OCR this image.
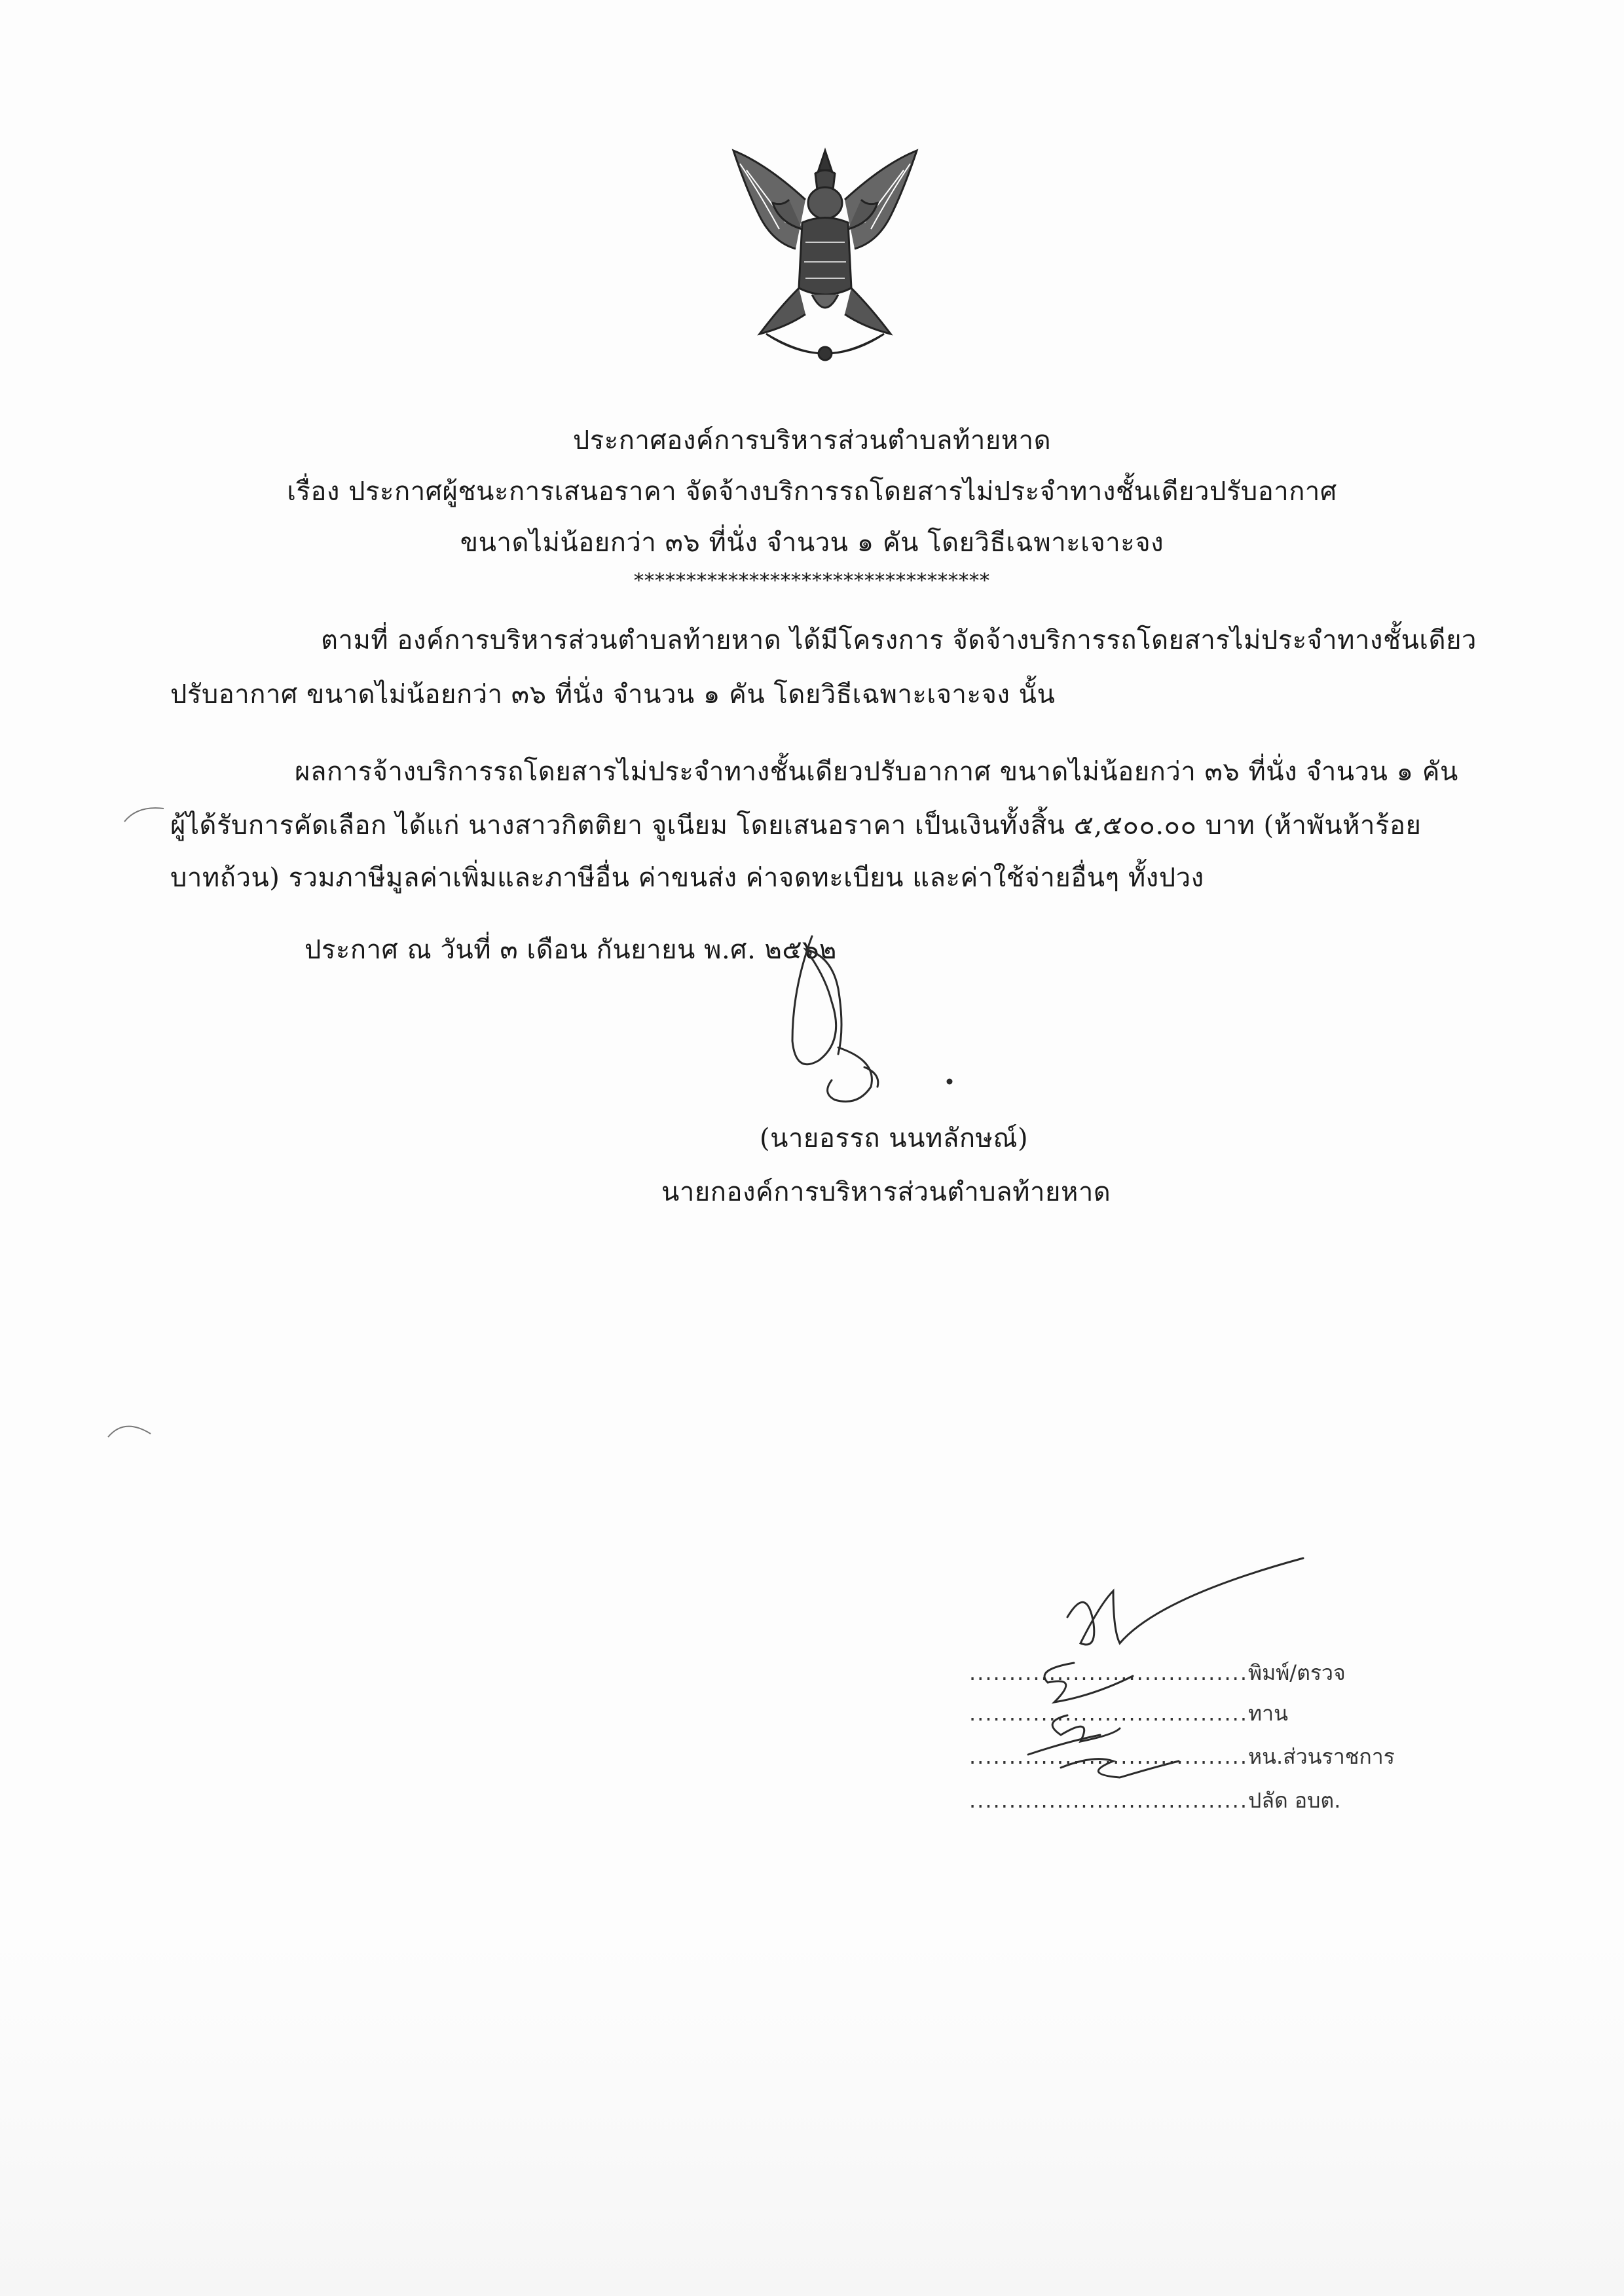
ประกาศองค์การบริหารส่วนตำบลท้ายหาด
เรื่อง ประกาศผู้ชนะการเสนอราคา จัดจ้างบริการรถโดยสารไม่ประจำทางชั้นเดียวปรับอากาศ
ขนาดไม่น้อยกว่า ๓๖ ที่นั่ง จำนวน ๑ คัน โดยวิธีเฉพาะเจาะจง
**********************************
ตามที่ องค์การบริหารส่วนตำบลท้ายหาด ได้มีโครงการ จัดจ้างบริการรถโดยสารไม่ประจำทางชั้นเดียว
ปรับอากาศ ขนาดไม่น้อยกว่า ๓๖ ที่นั่ง จำนวน ๑ คัน โดยวิธีเฉพาะเจาะจง นั้น
ผลการจ้างบริการรถโดยสารไม่ประจำทางชั้นเดียวปรับอากาศ ขนาดไม่น้อยกว่า ๓๖ ที่นั่ง จำนวน ๑ คัน
ผู้ได้รับการคัดเลือก ได้แก่ นางสาวกิตติยา จูเนียม โดยเสนอราคา เป็นเงินทั้งสิ้น ๕,๕๐๐.๐๐ บาท (ห้าพันห้าร้อย
บาทถ้วน) รวมภาษีมูลค่าเพิ่มและภาษีอื่น ค่าขนส่ง ค่าจดทะเบียน และค่าใช้จ่ายอื่นๆ ทั้งปวง
ประกาศ ณ วันที่ ๓ เดือน กันยายน พ.ศ. ๒๕๖๒
(นายอรรถ นนทลักษณ์)
นายกองค์การบริหารส่วนตำบลท้ายหาด
...................................พิมพ์/ตรวจ
...................................ทาน
...................................หน.ส่วนราชการ
...................................ปลัด อบต.
